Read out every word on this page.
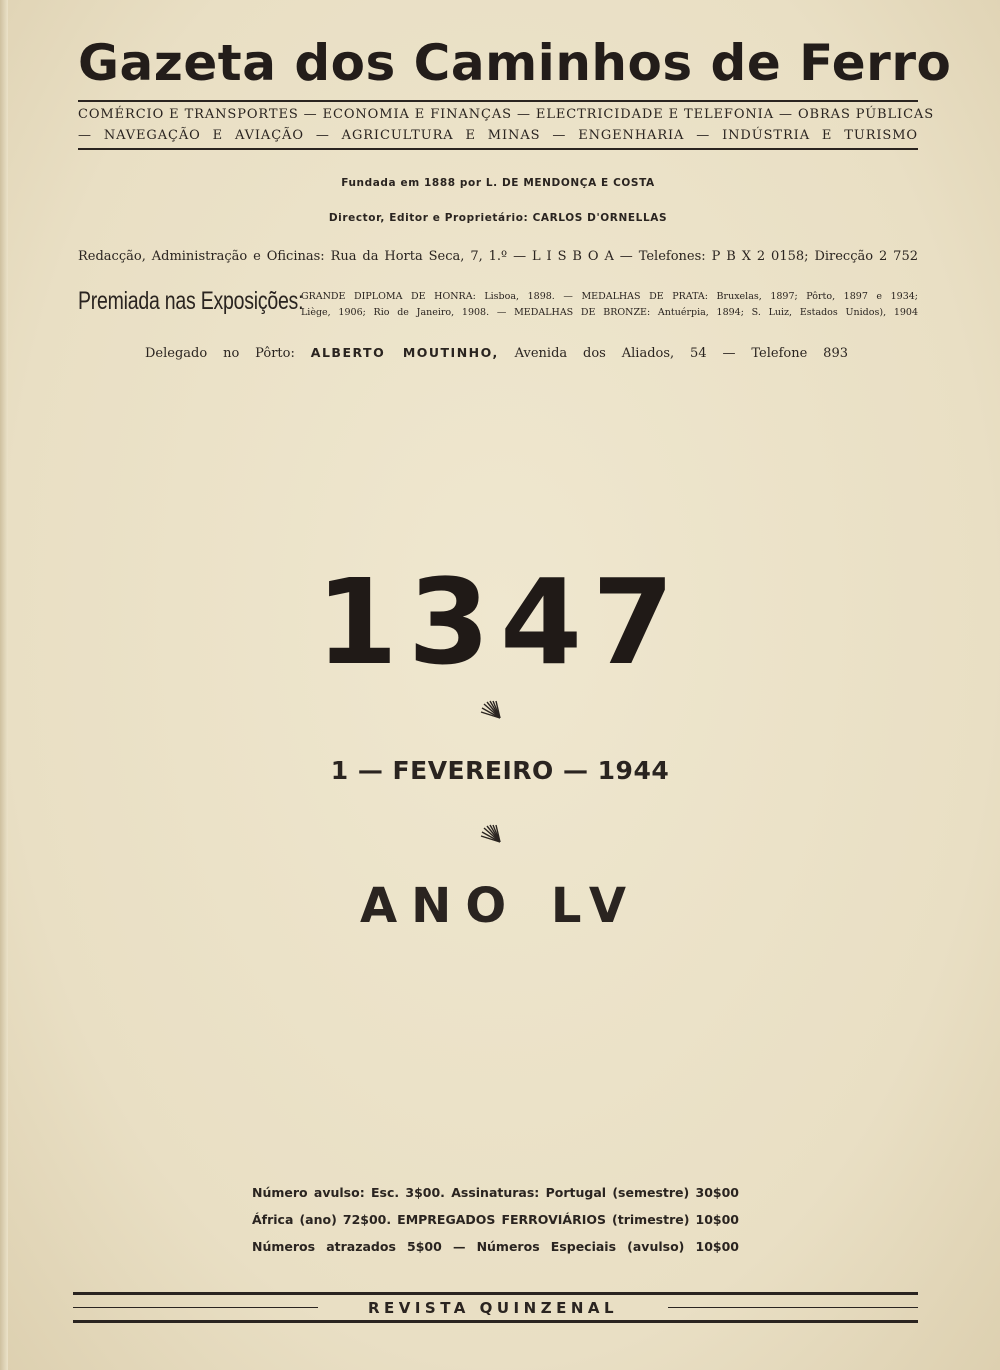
Gazeta dos Caminhos de Ferro
COMÉRCIO E TRANSPORTES — ECONOMIA E FINANÇAS — ELECTRICIDADE E TELEFONIA — OBRAS PÚBLICAS
— NAVEGAÇÃO E AVIAÇÃO — AGRICULTURA E MINAS — ENGENHARIA — INDÚSTRIA E TURISMO
Fundada em 1888 por L. DE MENDONÇA E COSTA
Director, Editor e Proprietário: CARLOS D'ORNELLAS
Redacção, Administração e Oficinas: Rua da Horta Seca, 7, 1.º — L I S B O A — Telefones: P B X 2 0158; Direcção 2 752
Premiada nas Exposições:
GRANDE DIPLOMA DE HONRA: Lisboa, 1898. — MEDALHAS DE PRATA: Bruxelas, 1897; Pôrto, 1897 e 1934;
Liège, 1906; Rio de Janeiro, 1908. — MEDALHAS DE BRONZE: Antuérpia, 1894; S. Luiz, Estados Unidos), 1904
Delegado no Pôrto: ALBERTO MOUTINHO, Avenida dos Aliados, 54 — Telefone 893
1347
1 — FEVEREIRO — 1944
ANO LV
Número avulso: Esc. 3$00. Assinaturas: Portugal (semestre) 30$00
África (ano) 72$00. EMPREGADOS FERROVIÁRIOS (trimestre) 10$00
Números atrazados 5$00 — Números Especiais (avulso) 10$00
REVISTA QUINZENAL
